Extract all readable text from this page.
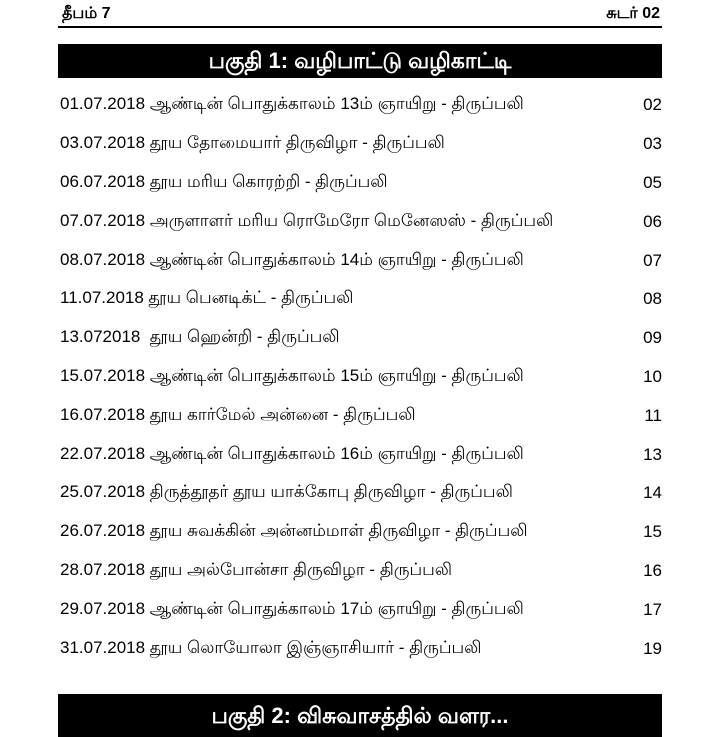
தீபம் 7	சுடர் 02
பகுதி 1: வழிபாட்டு வழிகாட்டி
01.07.2018 ஆண்டின் பொதுக்காலம் 13ம் ஞாயிறு - திருப்பலி	02
03.07.2018 தூய தோமையார் திருவிழா - திருப்பலி	03
06.07.2018 தூய மரிய கொரற்றி - திருப்பலி	05
07.07.2018 அருளாளர் மரிய ரொமேரோ மெனேஸஸ் - திருப்பலி	06
08.07.2018 ஆண்டின் பொதுக்காலம் 14ம் ஞாயிறு - திருப்பலி	07
11.07.2018 தூய பெனடிக்ட் - திருப்பலி	08
13.072018  தூய ஹென்றி - திருப்பலி	09
15.07.2018 ஆண்டின் பொதுக்காலம் 15ம் ஞாயிறு - திருப்பலி	10
16.07.2018 தூய கார்மேல் அன்னை - திருப்பலி	11
22.07.2018 ஆண்டின் பொதுக்காலம் 16ம் ஞாயிறு - திருப்பலி	13
25.07.2018 திருத்தூதர் தூய யாக்கோபு திருவிழா - திருப்பலி	14
26.07.2018 தூய சுவக்கின் அன்னம்மாள் திருவிழா - திருப்பலி	15
28.07.2018 தூய அல்போன்சா திருவிழா - திருப்பலி	16
29.07.2018 ஆண்டின் பொதுக்காலம் 17ம் ஞாயிறு - திருப்பலி	17
31.07.2018 தூய லொயோலா இஞ்ஞாசியார் - திருப்பலி	19
பகுதி 2: விசுவாசத்தில் வளர...
